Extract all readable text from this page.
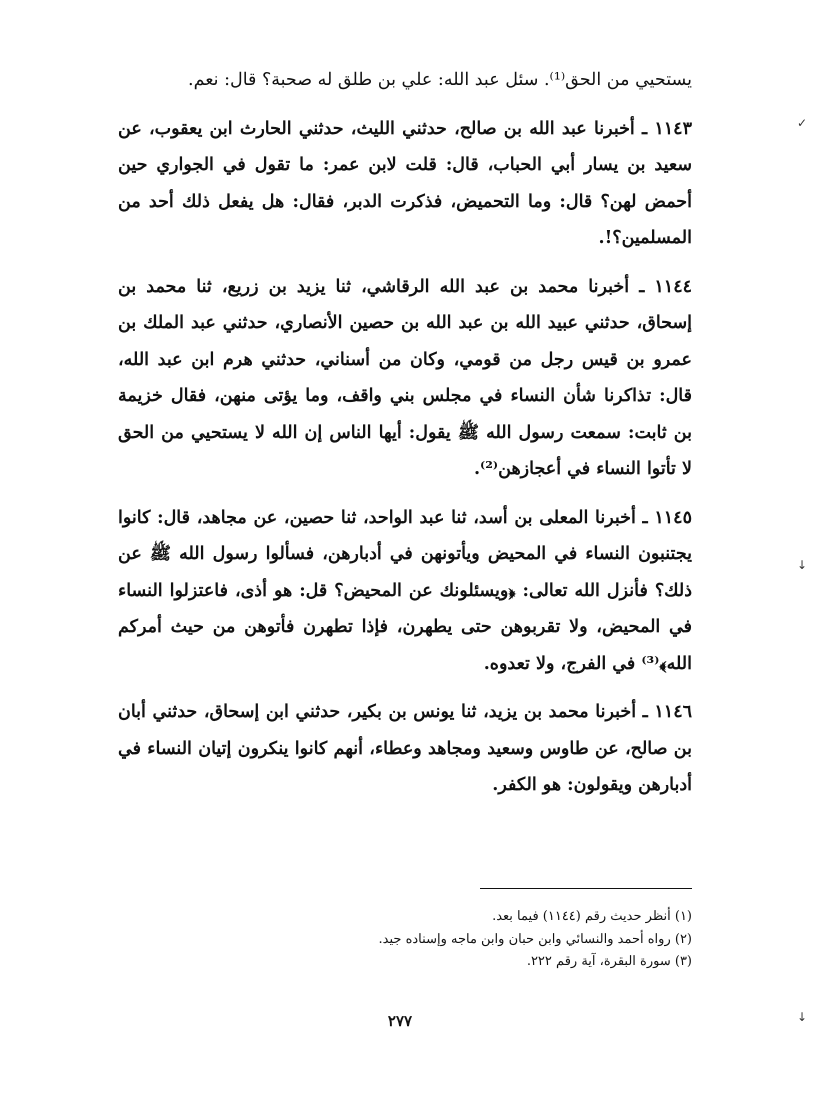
يستحيي من الحق⁽¹⁾. سئل عبد الله: علي بن طلق له صحبة؟ قال: نعم.

١١٤٣ ـ أخبرنا عبد الله بن صالح، حدثني الليث، حدثني الحارث ابن يعقوب، عن سعيد بن يسار أبي الحباب، قال: قلت لابن عمر: ما تقول في الجواري حين أحمض لهن؟ قال: وما التحميض، فذكرت الدبر، فقال: هل يفعل ذلك أحد من المسلمين؟!.

١١٤٤ ـ أخبرنا محمد بن عبد الله الرقاشي، ثنا يزيد بن زريع، ثنا محمد بن إسحاق، حدثني عبيد الله بن عبد الله بن حصين الأنصاري، حدثني عبد الملك بن عمرو بن قيس رجل من قومي، وكان من أسناني، حدثني هرم ابن عبد الله، قال: تذاكرنا شأن النساء في مجلس بني واقف، وما يؤتى منهن، فقال خزيمة بن ثابت: سمعت رسول الله ﷺ يقول: أيها الناس إن الله لا يستحيي من الحق لا تأتوا النساء في أعجازهن⁽²⁾.

١١٤٥ ـ أخبرنا المعلى بن أسد، ثنا عبد الواحد، ثنا حصين، عن مجاهد، قال: كانوا يجتنبون النساء في المحيض ويأتونهن في أدبارهن، فسألوا رسول الله ﷺ عن ذلك؟ فأنزل الله تعالى: ﴿ويسئلونك عن المحيض؟ قل: هو أذى، فاعتزلوا النساء في المحيض، ولا تقربوهن حتى يطهرن، فإذا تطهرن فأتوهن من حيث أمركم الله﴾⁽³⁾ في الفرج، ولا تعدوه.

١١٤٦ ـ أخبرنا محمد بن يزيد، ثنا يونس بن بكير، حدثني ابن إسحاق، حدثني أبان بن صالح، عن طاوس وسعيد ومجاهد وعطاء، أنهم كانوا ينكرون إتيان النساء في أدبارهن ويقولون: هو الكفر.

(١) أنظر حديث رقم (١١٤٤) فيما بعد.
(٢) رواه أحمد والنسائي وابن حبان وابن ماجه وإسناده جيد.
(٣) سورة البقرة، آية رقم ٢٢٢.
٢٧٧
✓
↓
↓
